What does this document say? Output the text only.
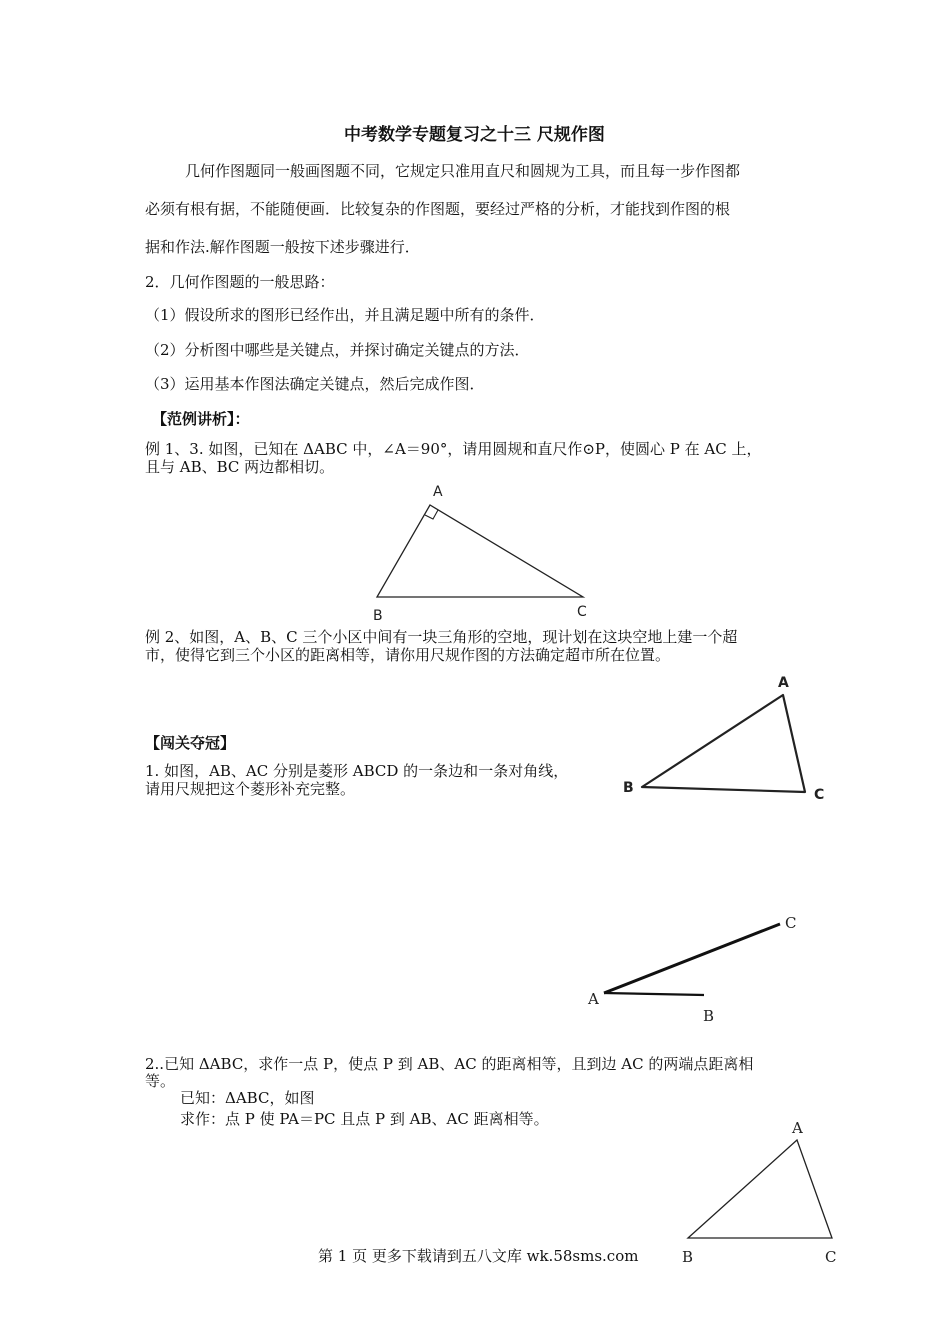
中考数学专题复习之十三 尺规作图
几何作图题同一般画图题不同，它规定只准用直尺和圆规为工具，而且每一步作图都
必须有根有据，不能随便画．比较复杂的作图题，要经过严格的分析，才能找到作图的根
据和作法.解作图题一般按下述步骤进行．
2．几何作图题的一般思路：
（1）假设所求的图形已经作出，并且满足题中所有的条件．
（2）分析图中哪些是关键点，并探讨确定关键点的方法．
（3）运用基本作图法确定关键点，然后完成作图．
【范例讲析】：
例 1、3. 如图，已知在 ΔABC 中，∠A＝90°，请用圆规和直尺作⊙P，使圆心 P 在 AC 上，
且与 AB、BC 两边都相切。
A
B	C
例 2、如图，A、B、C 三个小区中间有一块三角形的空地，现计划在这块空地上建一个超
市，使得它到三个小区的距离相等，请你用尺规作图的方法确定超市所在位置。
A
B	C
【闯关夺冠】
1. 如图，AB、AC 分别是菱形 ABCD 的一条边和一条对角线，
请用尺规把这个菱形补充完整。
A
B
C
2..已知 ΔABC，求作一点 P，使点 P 到 AB、AC 的距离相等，且到边 AC 的两端点距离相
等。
已知：ΔABC，如图
求作：点 P 使 PA＝PC 且点 P 到 AB、AC 距离相等。	A
B	C
第 1 页 更多下载请到五八文库 wk.58sms.com
